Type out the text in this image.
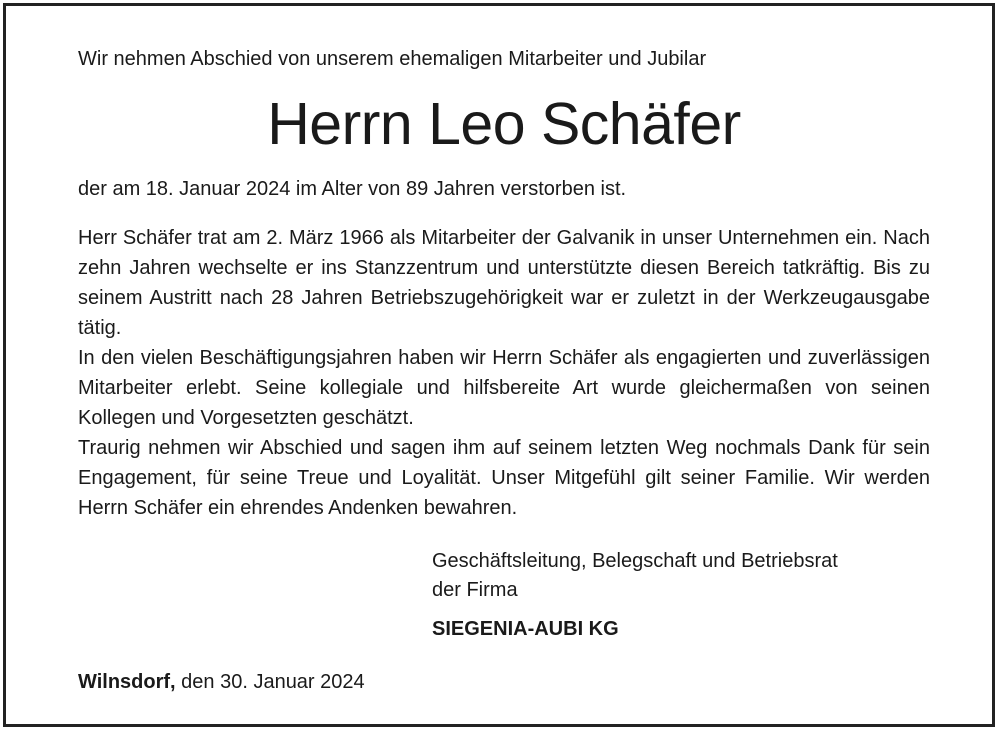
Wir nehmen Abschied von unserem ehemaligen Mitarbeiter und Jubilar
Herrn Leo Schäfer
der am 18. Januar 2024 im Alter von 89 Jahren verstorben ist.

Herr Schäfer trat am 2. März 1966 als Mitarbeiter der Galvanik in unser Unternehmen ein. Nach zehn Jahren wechselte er ins Stanzzentrum und unterstützte diesen Bereich tatkräftig. Bis zu seinem Austritt nach 28 Jahren Betriebszugehörigkeit war er zuletzt in der Werkzeugausgabe tätig.

In den vielen Beschäftigungsjahren haben wir Herrn Schäfer als engagierten und zuverlässigen Mitarbeiter erlebt. Seine kollegiale und hilfsbereite Art wurde gleichermaßen von seinen Kollegen und Vorgesetzten geschätzt.

Traurig nehmen wir Abschied und sagen ihm auf seinem letzten Weg nochmals Dank für sein Engagement, für seine Treue und Loyalität. Unser Mitgefühl gilt seiner Familie. Wir werden Herrn Schäfer ein ehrendes Andenken bewahren.

Geschäftsleitung, Belegschaft und Betriebsrat
der Firma
SIEGENIA-AUBI KG
Wilnsdorf, den 30. Januar 2024
